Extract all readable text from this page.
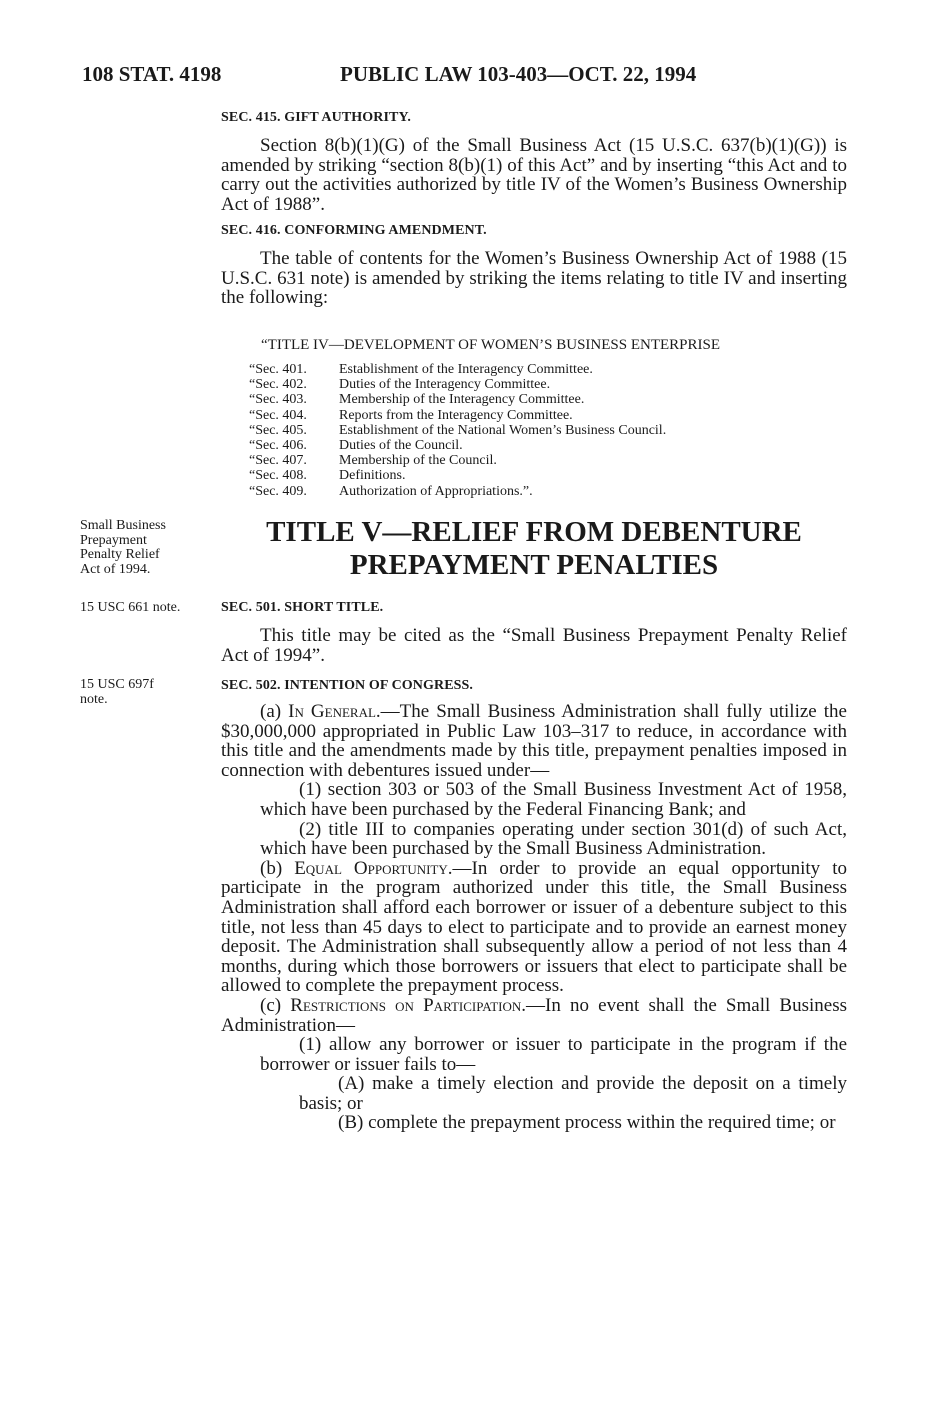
108 STAT. 4198	PUBLIC LAW 103-403—OCT. 22, 1994
SEC. 415. GIFT AUTHORITY.

Section 8(b)(1)(G) of the Small Business Act (15 U.S.C. 637(b)(1)(G)) is amended by striking “section 8(b)(1) of this Act” and by inserting “this Act and to carry out the activities authorized by title IV of the Women’s Business Ownership Act of 1988”.

SEC. 416. CONFORMING AMENDMENT.

The table of contents for the Women’s Business Ownership Act of 1988 (15 U.S.C. 631 note) is amended by striking the items relating to title IV and inserting the following:

“TITLE IV—DEVELOPMENT OF WOMEN’S BUSINESS ENTERPRISE
“Sec. 401.	Establishment of the Interagency Committee.
“Sec. 402.	Duties of the Interagency Committee.
“Sec. 403.	Membership of the Interagency Committee.
“Sec. 404.	Reports from the Interagency Committee.
“Sec. 405.	Establishment of the National Women’s Business Council.
“Sec. 406.	Duties of the Council.
“Sec. 407.	Membership of the Council.
“Sec. 408.	Definitions.
“Sec. 409.	Authorization of Appropriations.”.
Small Business
Prepayment
Penalty Relief
Act of 1994.
TITLE V—RELIEF FROM DEBENTURE
PREPAYMENT PENALTIES
15 USC 661 note.	SEC. 501. SHORT TITLE.

This title may be cited as the “Small Business Prepayment Penalty Relief Act of 1994”.

15 USC 697f
note.
SEC. 502. INTENTION OF CONGRESS.

(a) In General.—The Small Business Administration shall fully utilize the $30,000,000 appropriated in Public Law 103–317 to reduce, in accordance with this title and the amendments made by this title, prepayment penalties imposed in connection with debentures issued under—

(1) section 303 or 503 of the Small Business Investment Act of 1958, which have been purchased by the Federal Financing Bank; and

(2) title III to companies operating under section 301(d) of such Act, which have been purchased by the Small Business Administration.

(b) Equal Opportunity.—In order to provide an equal opportunity to participate in the program authorized under this title, the Small Business Administration shall afford each borrower or issuer of a debenture subject to this title, not less than 45 days to elect to participate and to provide an earnest money deposit. The Administration shall subsequently allow a period of not less than 4 months, during which those borrowers or issuers that elect to participate shall be allowed to complete the prepayment process.

(c) Restrictions on Participation.—In no event shall the Small Business Administration—

(1) allow any borrower or issuer to participate in the program if the borrower or issuer fails to—

(A) make a timely election and provide the deposit on a timely basis; or

(B) complete the prepayment process within the required time; or
